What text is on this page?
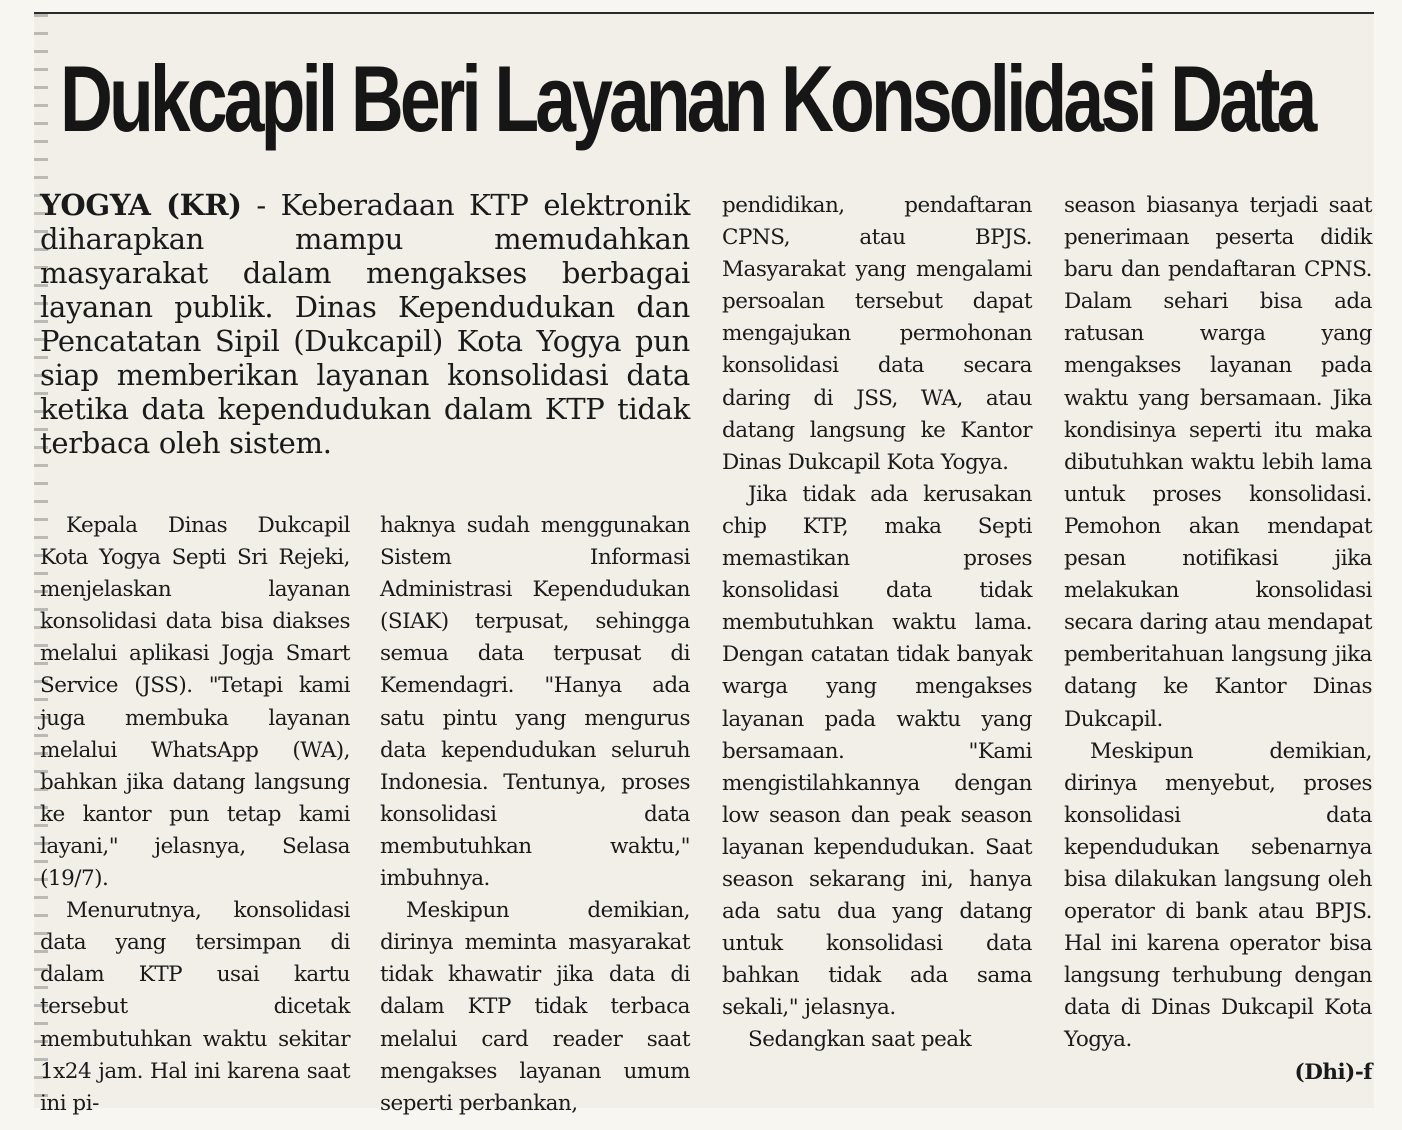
Dukcapil Beri Layanan Konsolidasi Data
YOGYA (KR) - Keberadaan KTP elektronik diharapkan mampu memudahkan masyarakat dalam mengakses berbagai layanan publik. Dinas Kependudukan dan Pencatatan Sipil (Dukcapil) Kota Yogya pun siap memberikan layanan konsolidasi data ketika data kependudukan dalam KTP tidak terbaca oleh sistem.
Kepala Dinas Dukcapil Kota Yogya Septi Sri Rejeki, menjelaskan layanan konsolidasi data bisa diakses melalui aplikasi Jogja Smart Service (JSS). "Tetapi kami juga membuka layanan melalui WhatsApp (WA), bahkan jika datang langsung ke kantor pun tetap kami layani," jelasnya, Selasa (19/7).
Menurutnya, konsolidasi data yang tersimpan di dalam KTP usai kartu tersebut dicetak membutuhkan waktu sekitar 1x24 jam. Hal ini karena saat ini pi-
haknya sudah menggunakan Sistem Informasi Administrasi Kependudukan (SIAK) terpusat, sehingga semua data terpusat di Kemendagri. "Hanya ada satu pintu yang mengurus data kependudukan seluruh Indonesia. Tentunya, proses konsolidasi data membutuhkan waktu," imbuhnya.
Meskipun demikian, dirinya meminta masyarakat tidak khawatir jika data di dalam KTP tidak terbaca melalui card reader saat mengakses layanan umum seperti perbankan,
pendidikan, pendaftaran CPNS, atau BPJS. Masyarakat yang mengalami persoalan tersebut dapat mengajukan permohonan konsolidasi data secara daring di JSS, WA, atau datang langsung ke Kantor Dinas Dukcapil Kota Yogya.
Jika tidak ada kerusakan chip KTP, maka Septi memastikan proses konsolidasi data tidak membutuhkan waktu lama. Dengan catatan tidak banyak warga yang mengakses layanan pada waktu yang bersamaan. "Kami mengistilahkannya dengan low season dan peak season layanan kependudukan. Saat season sekarang ini, hanya ada satu dua yang datang untuk konsolidasi data bahkan tidak ada sama sekali," jelasnya.
Sedangkan saat peak
season biasanya terjadi saat penerimaan peserta didik baru dan pendaftaran CPNS. Dalam sehari bisa ada ratusan warga yang mengakses layanan pada waktu yang bersamaan. Jika kondisinya seperti itu maka dibutuhkan waktu lebih lama untuk proses konsolidasi. Pemohon akan mendapat pesan notifikasi jika melakukan konsolidasi secara daring atau mendapat pemberitahuan langsung jika datang ke Kantor Dinas Dukcapil.
Meskipun demikian, dirinya menyebut, proses konsolidasi data kependudukan sebenarnya bisa dilakukan langsung oleh operator di bank atau BPJS. Hal ini karena operator bisa langsung terhubung dengan data di Dinas Dukcapil Kota Yogya.
(Dhi)-f
